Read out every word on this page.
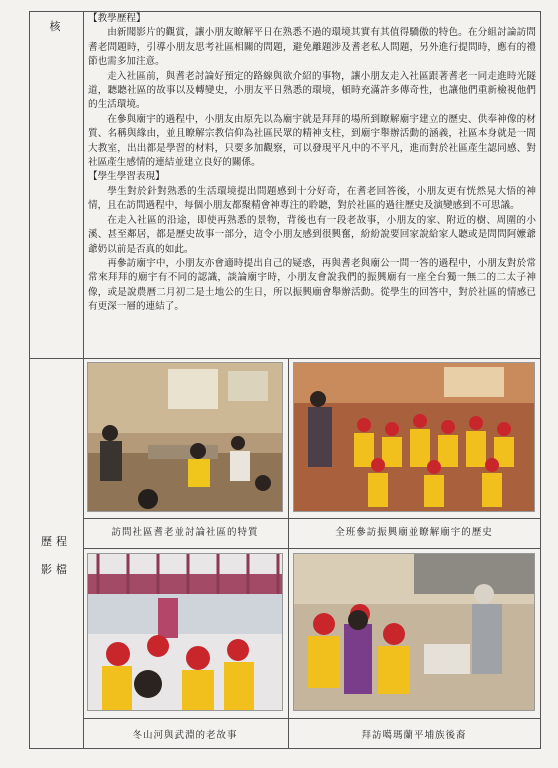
核
歷程
影檔

【教學歷程】

由新聞影片的觀賞，讓小朋友瞭解平日在熟悉不過的環境其實有其值得驕傲的特色。在分組討論訪問耆老問題時，引導小朋友思考社區相關的問題，避免離題涉及耆老私人問題，另外進行提問時，應有的禮節也需多加注意。

走入社區前，與耆老討論好預定的路線與欲介紹的事物，讓小朋友走入社區跟著耆老一同走進時光隧道，聽聽社區的故事以及轉變史，小朋友平日熟悉的環境，頓時充滿許多傳奇性，也讓他們重新檢視他們的生活環境。

在參與廟宇的過程中，小朋友由原先以為廟宇就是拜拜的場所到瞭解廟宇建立的歷史、供奉神像的材質、名稱與緣由，並且瞭解宗教信仰為社區民眾的精神支柱，到廟宇舉辦活動的涵義，社區本身就是一間大教室，出出都是學習的材料，只要多加觀察，可以發現平凡中的不平凡，進而對於社區產生認同感、對社區產生感情的連結並建立良好的關係。

【學生學習表現】

學生對於針對熟悉的生活環境提出問題感到十分好奇，在耆老回答後，小朋友更有恍然晃大悟的神情，且在訪問過程中，每個小朋友都聚精會神專注的聆聽，對於社區的過往歷史及演變感到不可思議。

在走入社區的沿途，即使再熟悉的景物，背後也有一段老故事，小朋友的家、附近的樹、周圍的小溪、甚至鄰居，都是歷史故事一部分，這令小朋友感到很興奮，紛紛說要回家說給家人聽或是問問阿嬤爺爺奶以前是否真的如此。

再參訪廟宇中，小朋友亦會適時提出自己的疑惑，再與耆老與廟公一問一答的過程中，小朋友對於常常來拜拜的廟宇有不同的認識，談論廟宇時，小朋友會說我們的振興廟有一座全台獨一無二的二太子神像，或是說農曆二月初二是土地公的生日，所以振興廟會舉辦活動。從學生的回答中，對於社區的情感已有更深一層的連結了。

訪問社區耆老並討論社區的特質	全班參訪振興廟並瞭解廟宇的歷史
冬山河與武淵的老故事	拜訪噶瑪蘭平埔族後裔
